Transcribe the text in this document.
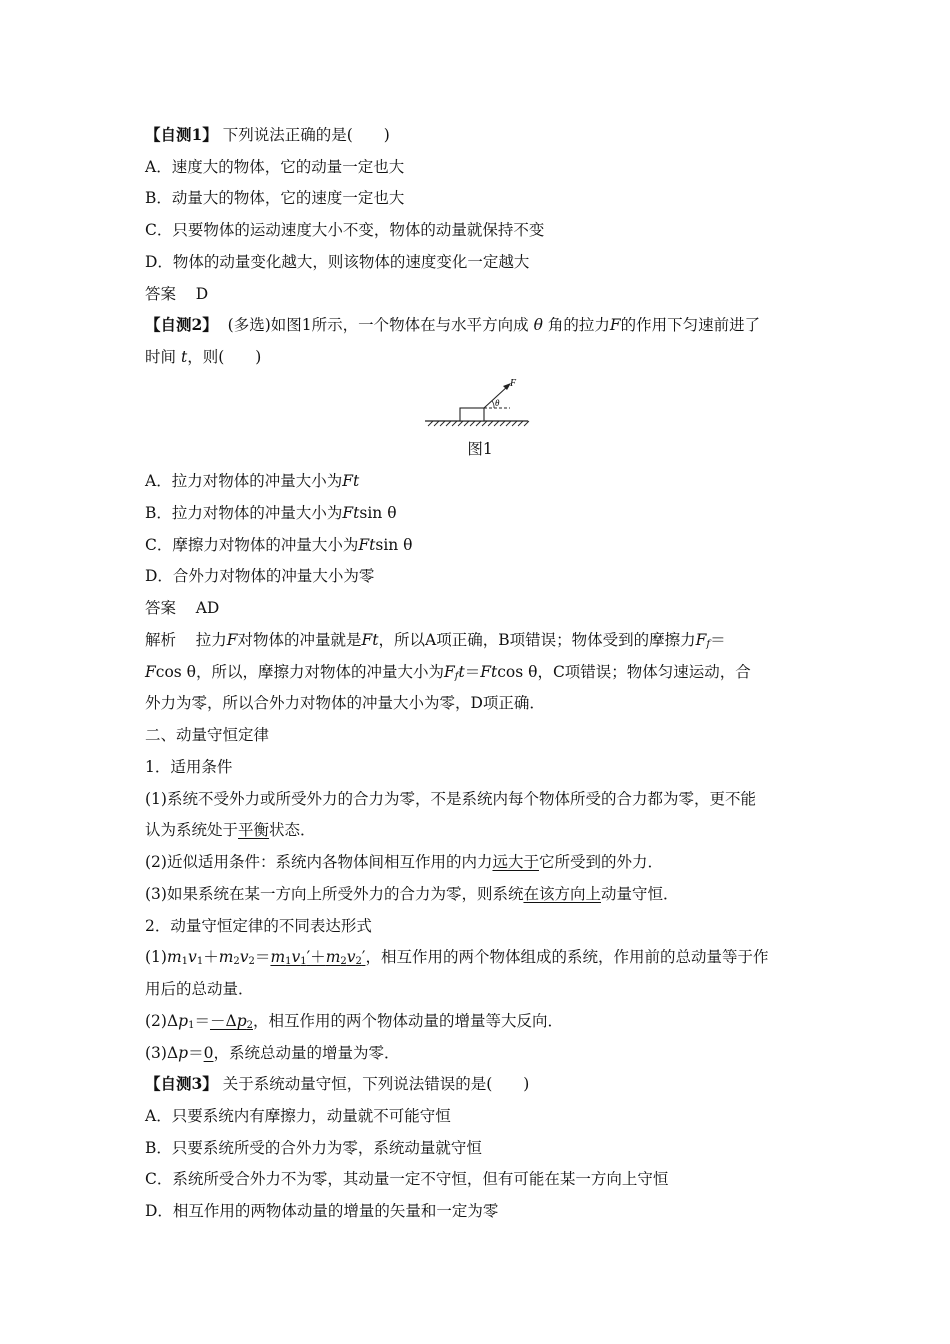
【自测1】 下列说法正确的是(　　)
A．速度大的物体，它的动量一定也大
B．动量大的物体，它的速度一定也大
C．只要物体的运动速度大小不变，物体的动量就保持不变
D．物体的动量变化越大，则该物体的速度变化一定越大
答案 D
【自测2】 (多选)如图1所示，一个物体在与水平方向成 θ 角的拉力F的作用下匀速前进了
时间 t，则(　　)
F
θ
图1
A．拉力对物体的冲量大小为Ft
B．拉力对物体的冲量大小为Ftsin θ
C．摩擦力对物体的冲量大小为Ftsin θ
D．合外力对物体的冲量大小为零
答案 AD
解析 拉力F对物体的冲量就是Ft，所以A项正确，B项错误；物体受到的摩擦力$F_f=$
Fcos θ，所以，摩擦力对物体的冲量大小为$F_ft=Ftcos$ θ，C项错误；物体匀速运动，合
外力为零，所以合外力对物体的冲量大小为零，D项正确．
二、动量守恒定律
1．适用条件
(1)系统不受外力或所受外力的合力为零，不是系统内每个物体所受的合力都为零，更不能
认为系统处于平衡状态．
(2)近似适用条件：系统内各物体间相互作用的内力远大于它所受到的外力．
(3)如果系统在某一方向上所受外力的合力为零，则系统在该方向上动量守恒．
2．动量守恒定律的不同表达形式
$(1)m_1v_1+m_2v_2=m_1v_1'+m_2v_2'$，相互作用的两个物体组成的系统，作用前的总动量等于作
用后的总动量．
$(2)\Delta p_1=-\Delta p_2$，相互作用的两个物体动量的增量等大反向．
(3)Δp＝0，系统总动量的增量为零．
【自测3】 关于系统动量守恒，下列说法错误的是(　　)
A．只要系统内有摩擦力，动量就不可能守恒
B．只要系统所受的合外力为零，系统动量就守恒
C．系统所受合外力不为零，其动量一定不守恒，但有可能在某一方向上守恒
D．相互作用的两物体动量的增量的矢量和一定为零
